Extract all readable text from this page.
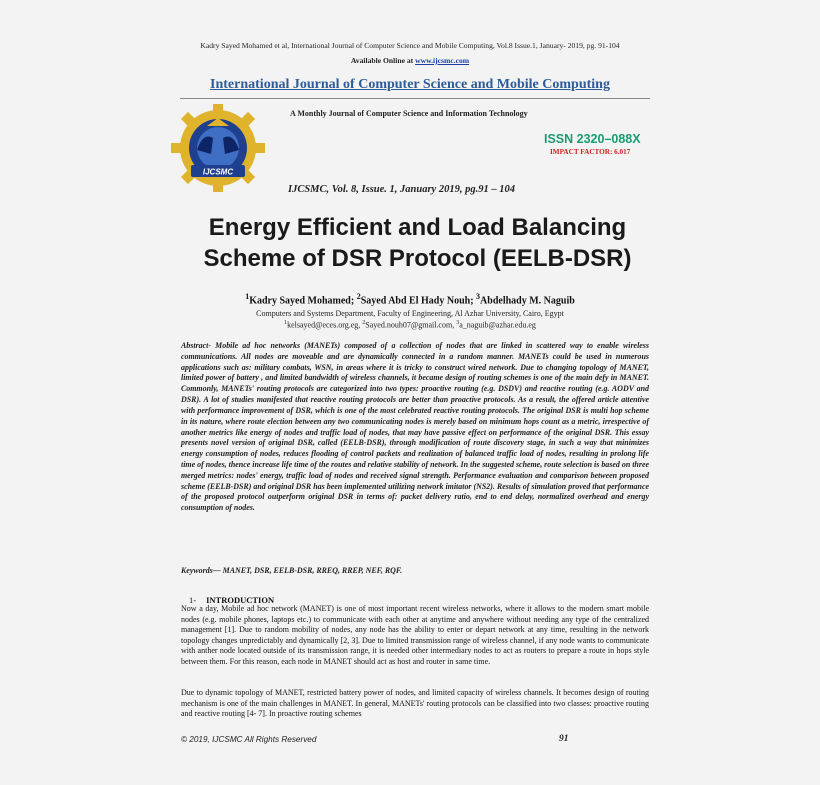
Kadry Sayed Mohamed et al, International Journal of Computer Science and Mobile Computing, Vol.8 Issue.1, January- 2019, pg. 91-104
Available Online at www.ijcsmc.com
International Journal of Computer Science and Mobile Computing
IJCSMC
A Monthly Journal of Computer Science and Information Technology
ISSN 2320–088X
IMPACT FACTOR: 6.017
IJCSMC, Vol. 8, Issue. 1, January 2019, pg.91 – 104
Energy Efficient and Load Balancing
Scheme of DSR Protocol (EELB-DSR)
$^1$Kadry Sayed Mohamed; $^2$Sayed Abd El Hady Nouh; $^3$Abdelhady M. Naguib
Computers and Systems Department, Faculty of Engineering, Al Azhar University, Cairo, Egypt
$^1$kelsayed@eces.org.eg, $^2$Sayed.nouh07@gmail.com, $^3$a_naguib@azhar.edu.eg
Abstract- Mobile ad hoc networks (MANETs) composed of a collection of nodes that are linked in scattered way to enable wireless communications. All nodes are moveable and are dynamically connected in a random manner. MANETs could be used in numerous applications such as: military combats, WSN, in areas where it is tricky to construct wired network. Due to changing topology of MANET, limited power of battery , and limited bandwidth of wireless channels, it became design of routing schemes is one of the main defy in MANET. Commonly, MANETs' routing protocols are categorized into two types: proactive routing (e.g. DSDV) and reactive routing (e.g. AODV and DSR). A lot of studies manifested that reactive routing protocols are better than proactive protocols. As a result, the offered article attentive with performance improvement of DSR, which is one of the most celebrated reactive routing protocols. The original DSR is multi hop scheme in its nature, where route election between any two communicating nodes is merely based on minimum hops count as a metric, irrespective of another metrics like energy of nodes and traffic load of nodes, that may have passive effect on performance of the original DSR. This essay presents novel version of original DSR, called (EELB-DSR), through modification of route discovery stage, in such a way that minimizes energy consumption of nodes, reduces flooding of control packets and realization of balanced traffic load of nodes, resulting in prolong life time of nodes, thence increase life time of the routes and relative stability of network. In the suggested scheme, route selection is based on three merged metrics: nodes' energy, traffic load of nodes and received signal strength. Performance evaluation and comparison between proposed scheme (EELB-DSR) and original DSR has been implemented utilizing network imitator (NS2). Results of simulation proved that performance of the proposed protocol outperform original DSR in terms of: packet delivery ratio, end to end delay, normalized overhead and energy consumption of nodes.
Keywords— MANET, DSR, EELB-DSR, RREQ, RREP, NEF, RQF.
1- INTRODUCTION
Now a day, Mobile ad hoc network (MANET) is one of most important recent wireless networks, where it allows to the modern smart mobile nodes (e.g. mobile phones, laptops etc.) to communicate with each other at anytime and anywhere without needing any type of the centralized management [1]. Due to random mobility of nodes, any node has the ability to enter or depart network at any time, resulting in the network topology changes unpredictably and dynamically [2, 3]. Due to limited transmission range of wireless channel, if any node wants to communicate with anther node located outside of its transmission range, it is needed other intermediary nodes to act as routers to prepare a route in hops style between them. For this reason, each node in MANET should act as host and router in same time.
Due to dynamic topology of MANET, restricted battery power of nodes, and limited capacity of wireless channels. It becomes design of routing mechanism is one of the main challenges in MANET. In general, MANETs' routing protocols can be classified into two classes: proactive routing and reactive routing [4- 7]. In proactive routing schemes
© 2019, IJCSMC All Rights Reserved	91
